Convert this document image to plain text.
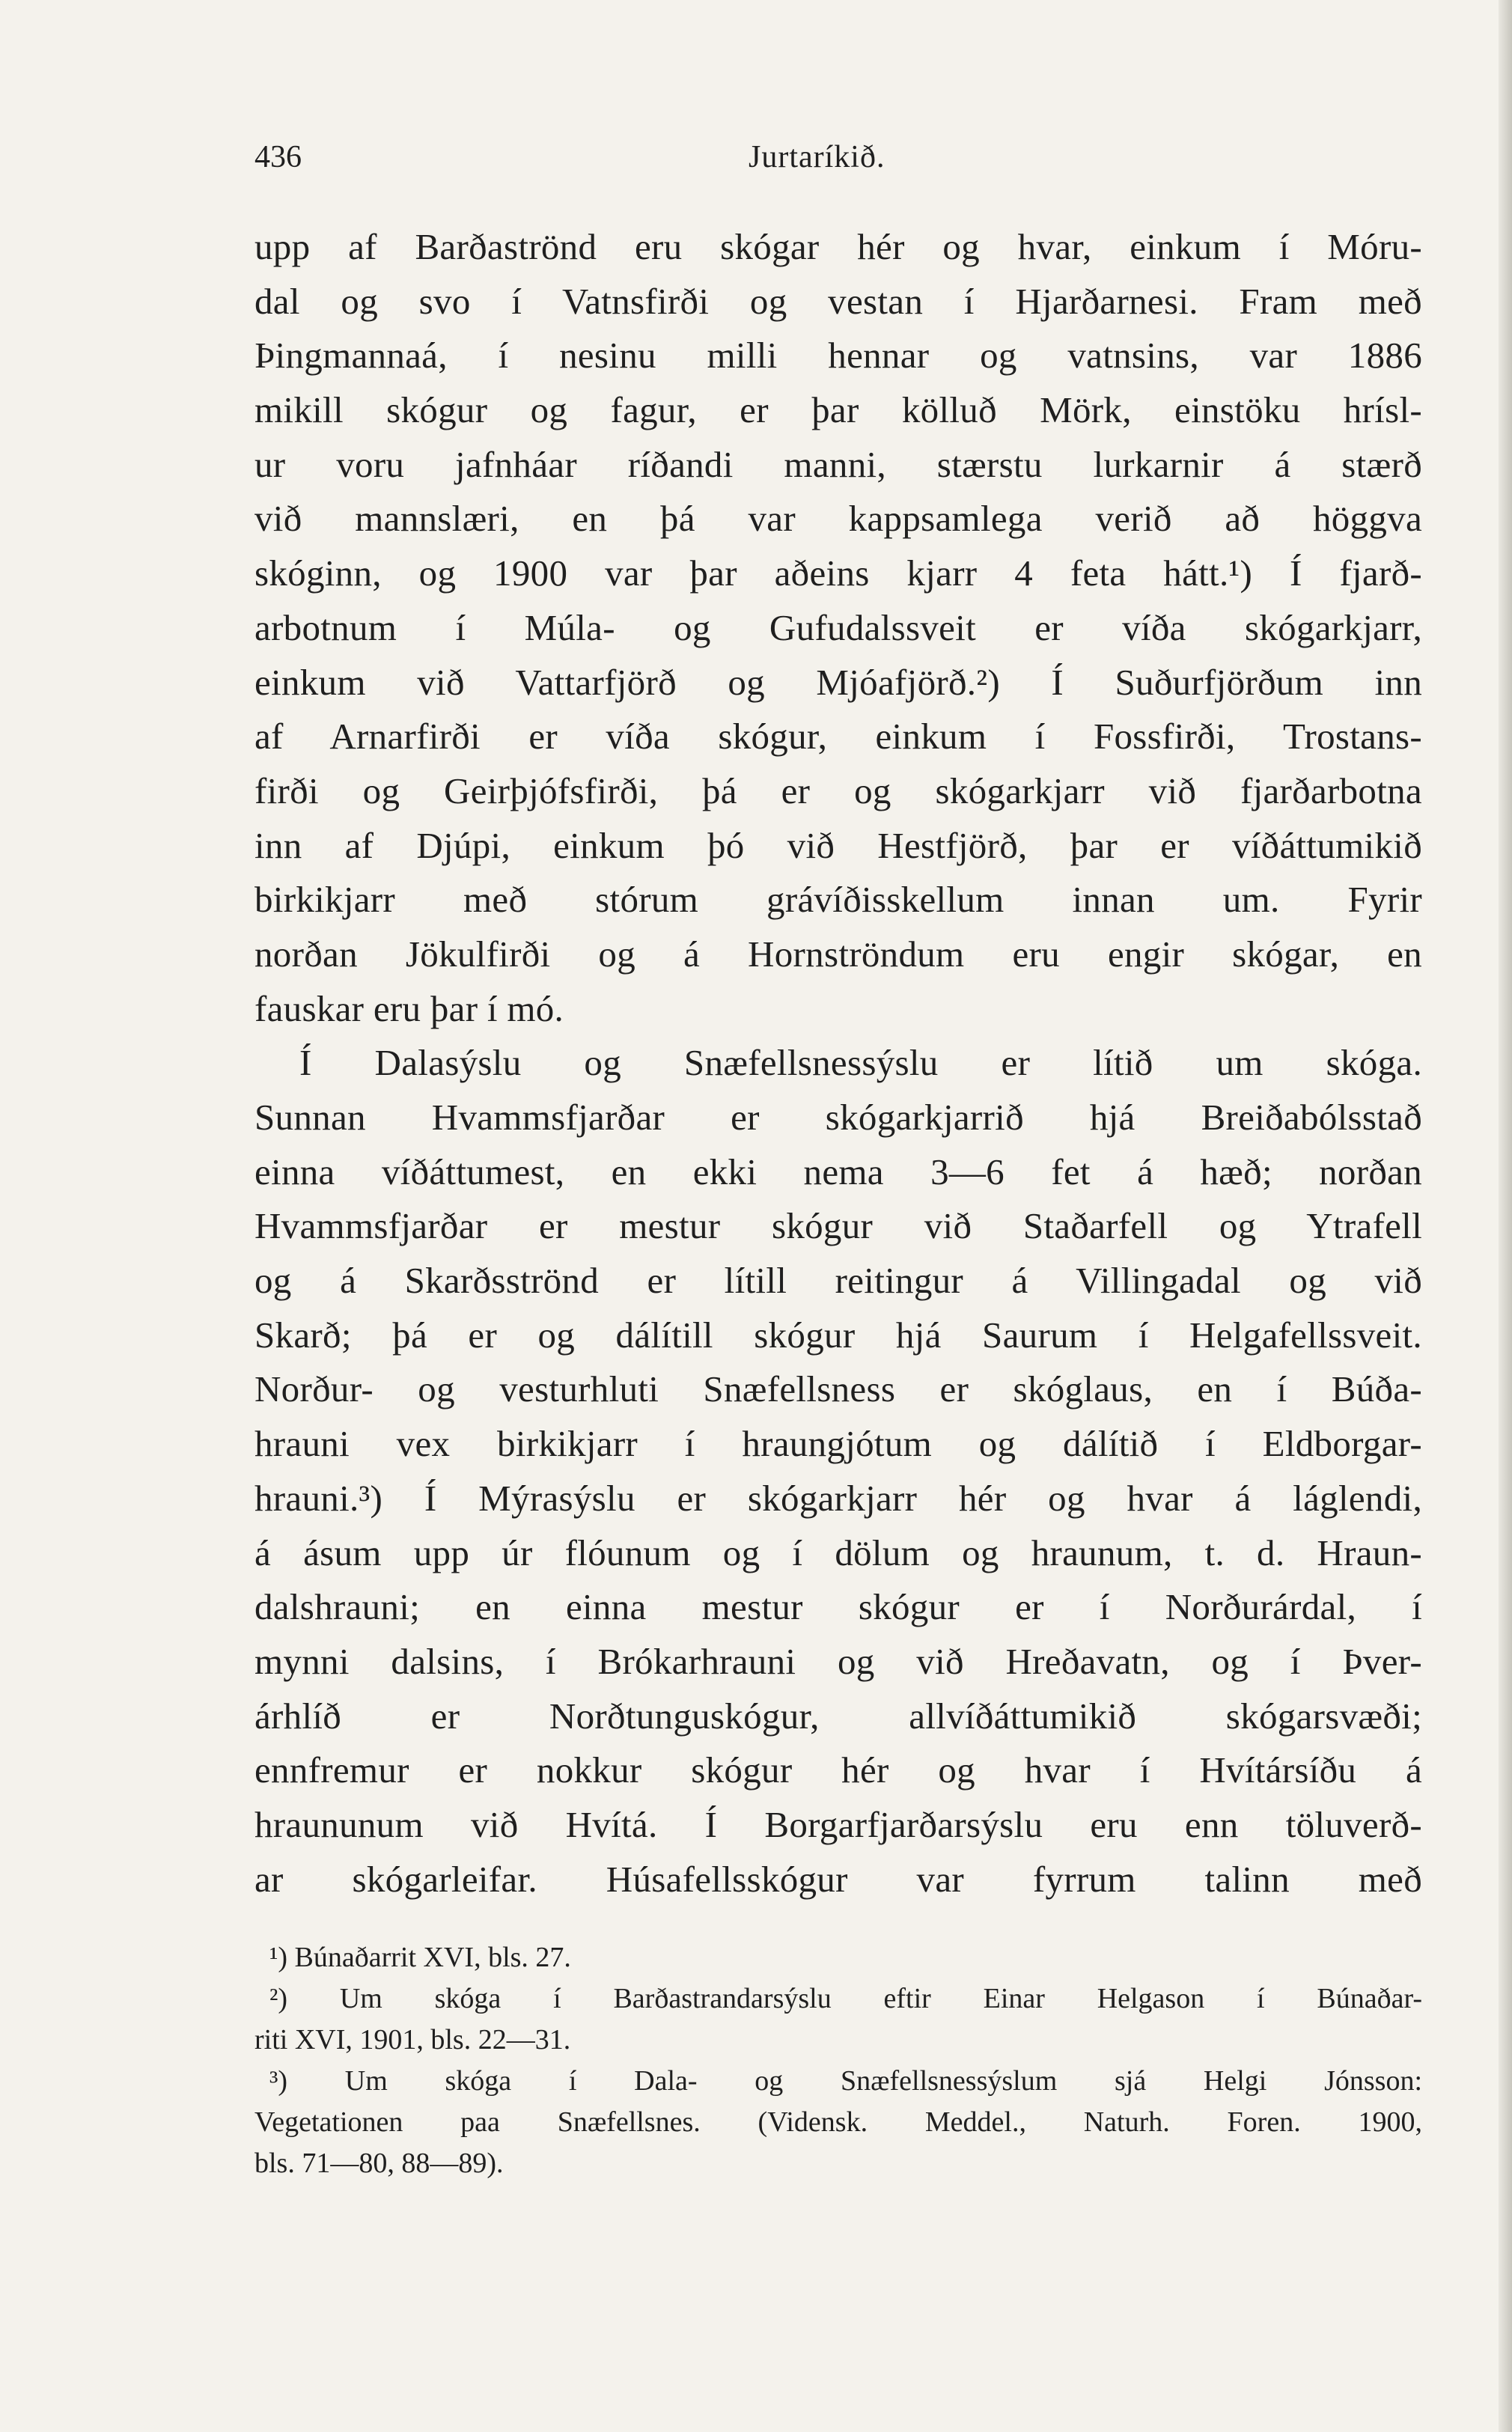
436	Jurtaríkið.
upp af Barðaströnd eru skógar hér og hvar, einkum í Móru-
dal og svo í Vatnsfirði og vestan í Hjarðarnesi. Fram með
Þingmannaá, í nesinu milli hennar og vatnsins, var 1886
mikill skógur og fagur, er þar kölluð Mörk, einstöku hrísl-
ur voru jafnháar ríðandi manni, stærstu lurkarnir á stærð
við mannslæri, en þá var kappsamlega verið að höggva
skóginn, og 1900 var þar aðeins kjarr 4 feta hátt.¹) Í fjarð-
arbotnum í Múla- og Gufudalssveit er víða skógarkjarr,
einkum við Vattarfjörð og Mjóafjörð.²) Í Suðurfjörðum inn
af Arnarfirði er víða skógur, einkum í Fossfirði, Trostans-
firði og Geirþjófsfirði, þá er og skógarkjarr við fjarðarbotna
inn af Djúpi, einkum þó við Hestfjörð, þar er víðáttumikið
birkikjarr með stórum grávíðisskellum innan um. Fyrir
norðan Jökulfirði og á Hornströndum eru engir skógar, en
fauskar eru þar í mó.
Í Dalasýslu og Snæfellsnessýslu er lítið um skóga.
Sunnan Hvammsfjarðar er skógarkjarrið hjá Breiðabólsstað
einna víðáttumest, en ekki nema 3—6 fet á hæð; norðan
Hvammsfjarðar er mestur skógur við Staðarfell og Ytrafell
og á Skarðsströnd er lítill reitingur á Villingadal og við
Skarð; þá er og dálítill skógur hjá Saurum í Helgafellssveit.
Norður- og vesturhluti Snæfellsness er skóglaus, en í Búða-
hrauni vex birkikjarr í hraungjótum og dálítið í Eldborgar-
hrauni.³) Í Mýrasýslu er skógarkjarr hér og hvar á láglendi,
á ásum upp úr flóunum og í dölum og hraunum, t. d. Hraun-
dalshrauni; en einna mestur skógur er í Norðurárdal, í
mynni dalsins, í Brókarhrauni og við Hreðavatn, og í Þver-
árhlíð er Norðtunguskógur, allvíðáttumikið skógarsvæði;
ennfremur er nokkur skógur hér og hvar í Hvítársíðu á
hraununum við Hvítá. Í Borgarfjarðarsýslu eru enn töluverð-
ar skógarleifar. Húsafellsskógur var fyrrum talinn með
¹) Búnaðarrit XVI, bls. 27.
²) Um skóga í Barðastrandarsýslu eftir Einar Helgason í Búnaðar-
riti XVI, 1901, bls. 22—31.
³) Um skóga í Dala- og Snæfellsnessýslum sjá Helgi Jónsson:
Vegetationen paa Snæfellsnes. (Vidensk. Meddel., Naturh. Foren. 1900,
bls. 71—80, 88—89).
